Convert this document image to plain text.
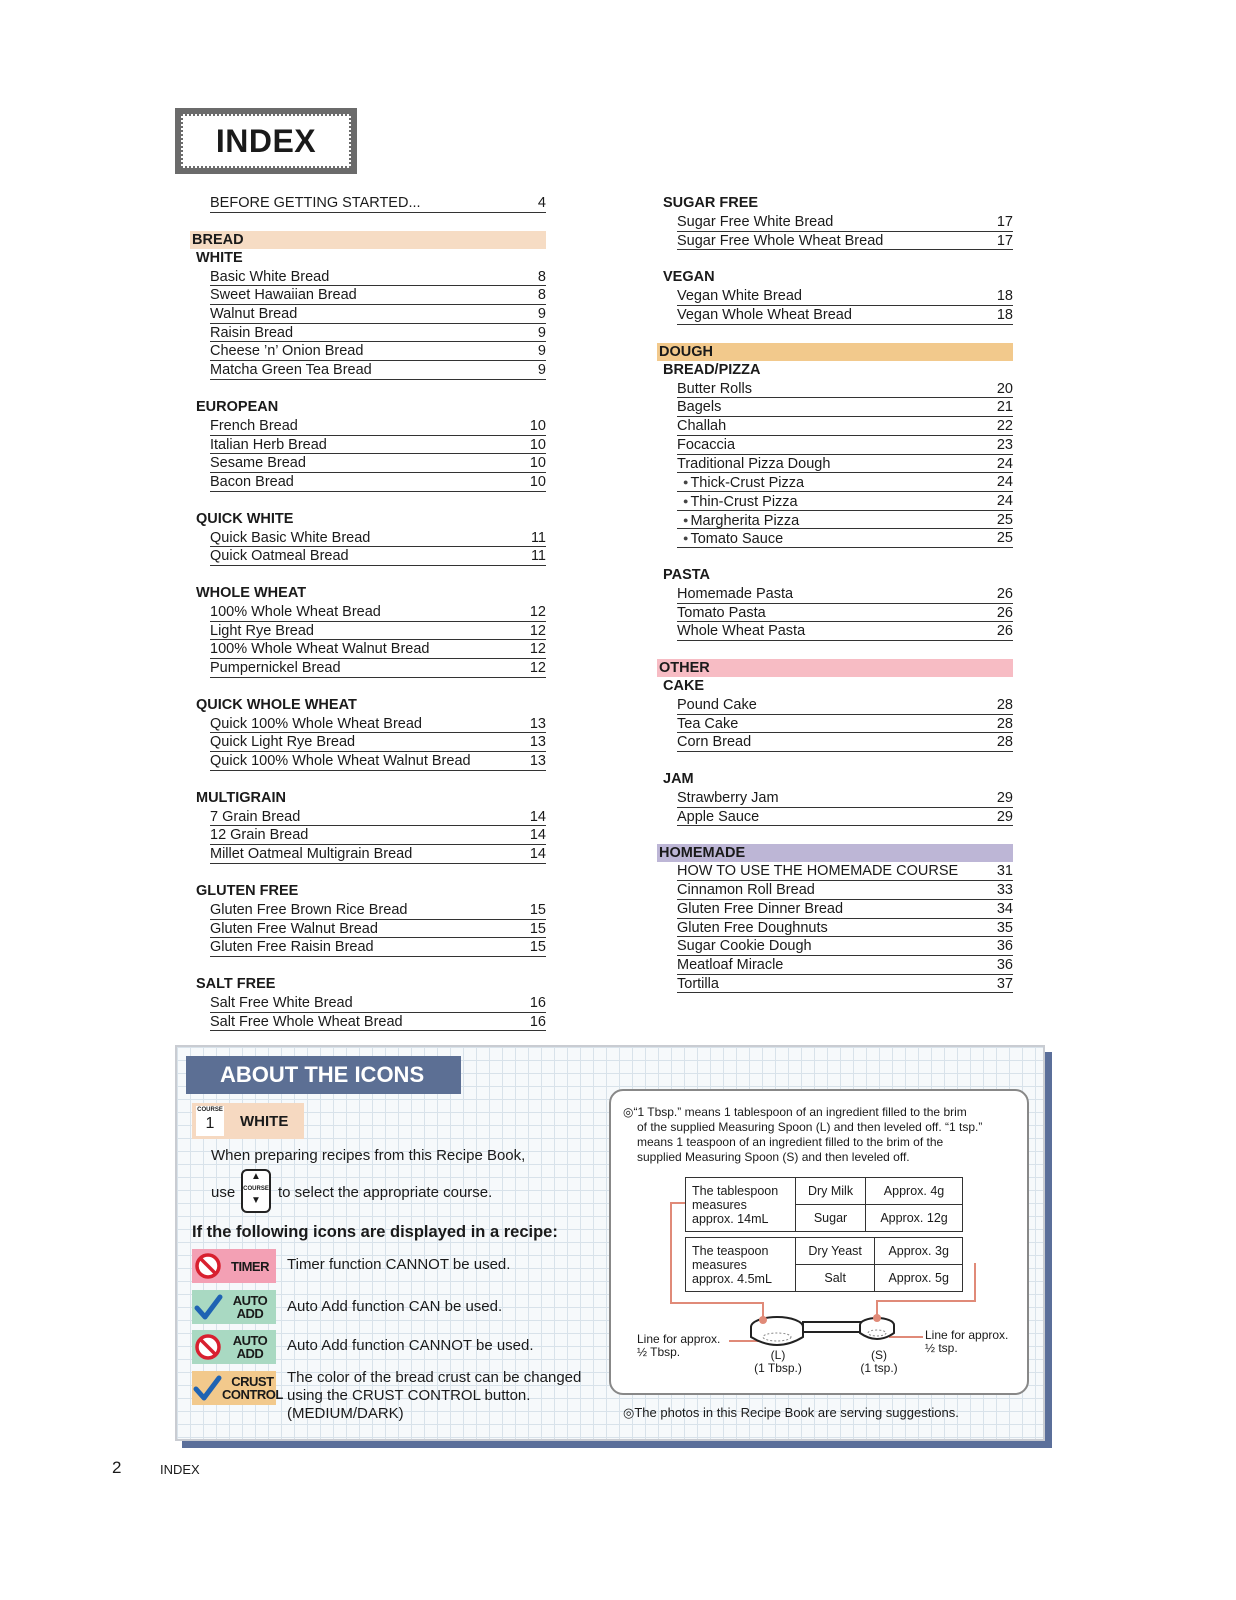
INDEX
BEFORE GETTING STARTED...	4
BREAD
WHITE
Basic White Bread	8
Sweet Hawaiian Bread	8
Walnut Bread	9
Raisin Bread	9
Cheese ’n’ Onion Bread	9
Matcha Green Tea Bread	9
EUROPEAN
French Bread	10
Italian Herb Bread	10
Sesame Bread	10
Bacon Bread	10
QUICK WHITE
Quick Basic White Bread	11
Quick Oatmeal Bread	11
WHOLE WHEAT
100% Whole Wheat Bread	12
Light Rye Bread	12
100% Whole Wheat Walnut Bread	12
Pumpernickel Bread	12
QUICK WHOLE WHEAT
Quick 100% Whole Wheat Bread	13
Quick Light Rye Bread	13
Quick 100% Whole Wheat Walnut Bread	13
MULTIGRAIN
7 Grain Bread	14
12 Grain Bread	14
Millet Oatmeal Multigrain Bread	14
GLUTEN FREE
Gluten Free Brown Rice Bread	15
Gluten Free Walnut Bread	15
Gluten Free Raisin Bread	15
SALT FREE
Salt Free White Bread	16
Salt Free Whole Wheat Bread	16
SUGAR FREE
Sugar Free White Bread	17
Sugar Free Whole Wheat Bread	17
VEGAN
Vegan White Bread	18
Vegan Whole Wheat Bread	18
DOUGH
BREAD/PIZZA
Butter Rolls	20
Bagels	21
Challah	22
Focaccia	23
Traditional Pizza Dough	24
● Thick-Crust Pizza	24
● Thin-Crust Pizza	24
● Margherita Pizza	25
● Tomato Sauce	25
PASTA
Homemade Pasta	26
Tomato Pasta	26
Whole Wheat Pasta	26
OTHER
CAKE
Pound Cake	28
Tea Cake	28
Corn Bread	28
JAM
Strawberry Jam	29
Apple Sauce	29
HOMEMADE
HOW TO USE THE HOMEMADE COURSE	31
Cinnamon Roll Bread	33
Gluten Free Dinner Bread	34
Gluten Free Doughnuts	35
Sugar Cookie Dough	36
Meatloaf Miracle	36
Tortilla	37
ABOUT THE ICONS
COURSE
1	WHITE
When preparing recipes from this Recipe Book,
use
▲
COURSE
▼	to select the appropriate course.
If the following icons are displayed in a recipe:
TIMER	Timer function CANNOT be used.
AUTO ADD	Auto Add function CAN be used.
AUTO ADD	Auto Add function CANNOT be used.
CRUST CONTROL
The color of the bread crust can be changed
using the CRUST CONTROL button.
(MEDIUM/DARK)
◎“1 Tbsp.” means 1 tablespoon of an ingredient filled to the brim
of the supplied Measuring Spoon (L) and then leveled off. “1 tsp.”
means 1 teaspoon of an ingredient filled to the brim of the
supplied Measuring Spoon (S) and then leveled off.
The tablespoon
measures
approx. 14mL	Dry Milk	Approx. 4g
	Sugar	Approx. 12g
The teaspoon
measures
approx. 4.5mL	Dry Yeast	Approx. 3g
	Salt	Approx. 5g
Line for approx.
½ Tbsp.
Line for approx.
½ tsp.
(L)
(1 Tbsp.)
(S)
(1 tsp.)
◎The photos in this Recipe Book are serving suggestions.
2	INDEX
